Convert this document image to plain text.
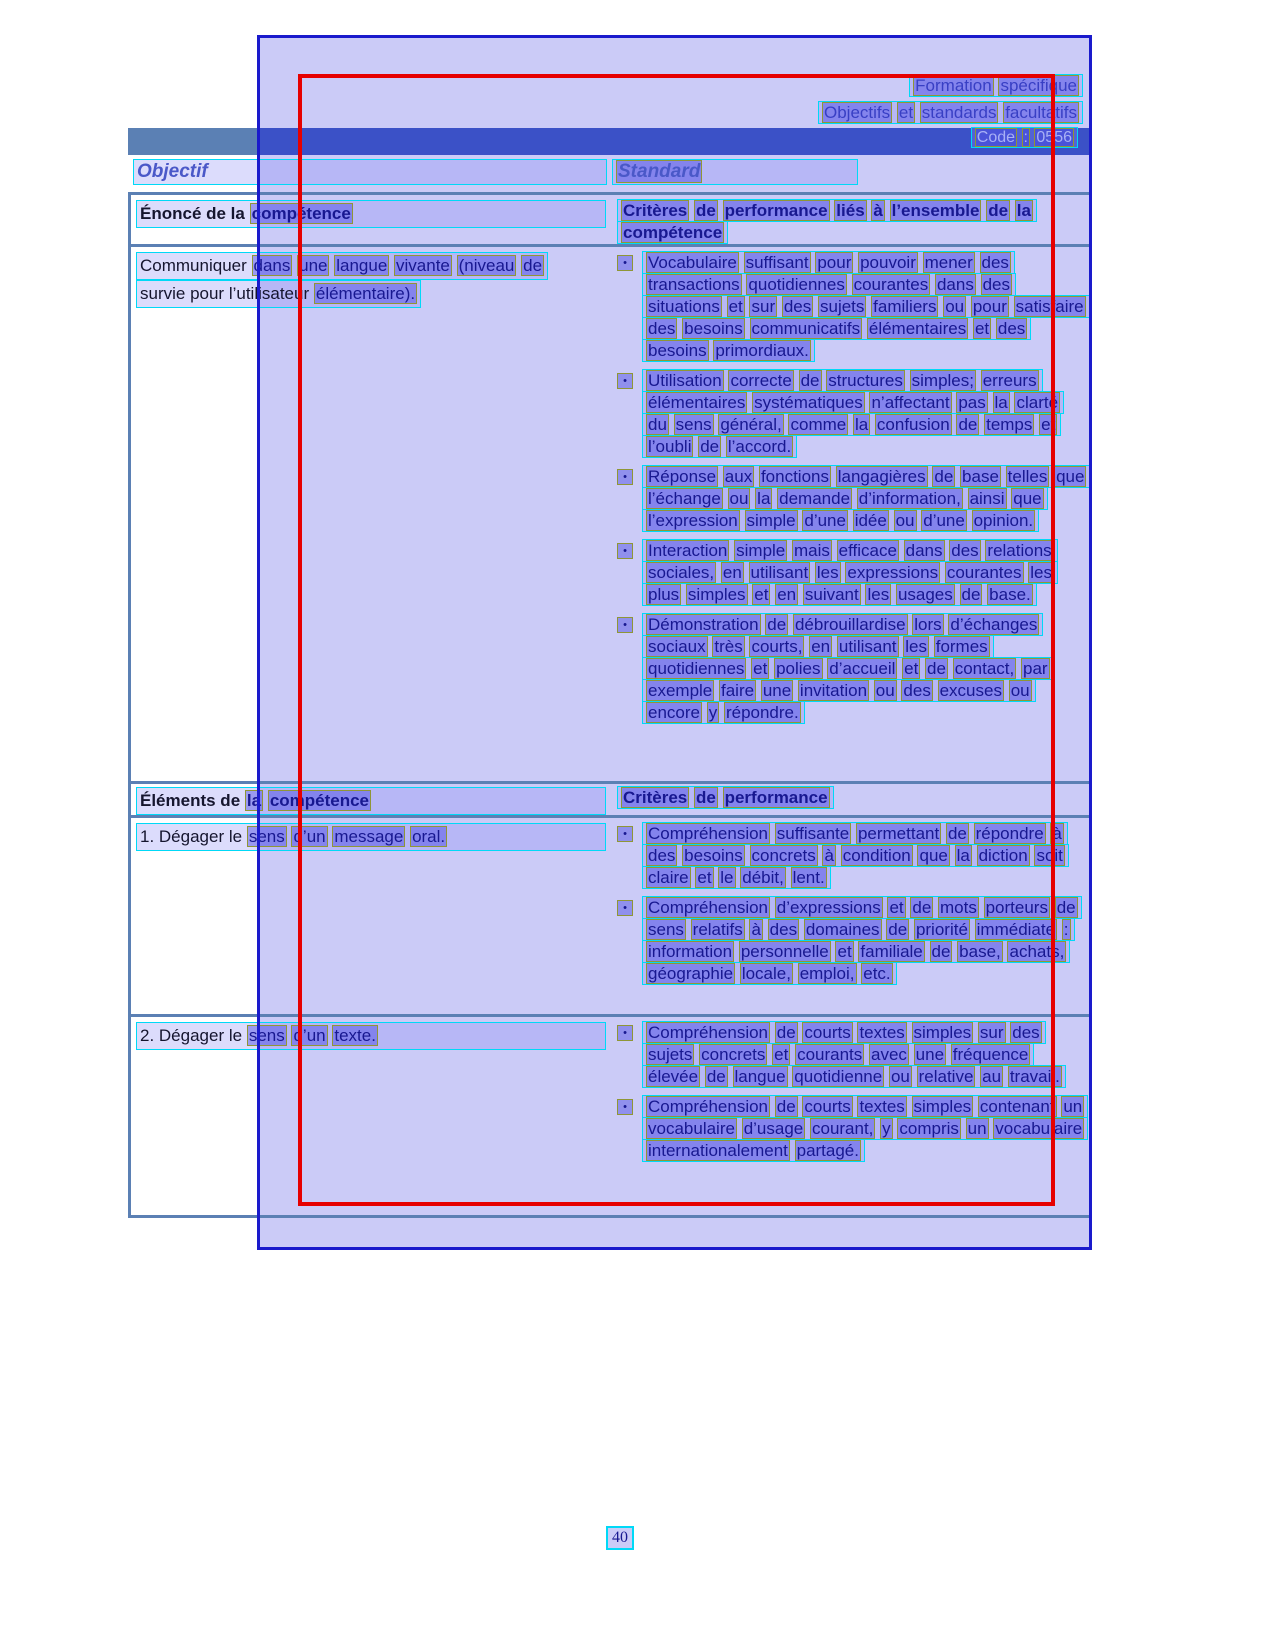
Formation spécifique
Objectifs et standards facultatifs
Code : 0556
Objectif	Standard
Énoncé de la compétence	Critères de performance liés à l’ensemble de la compétence
Communiquer dans une langue vivante (niveau de
survie pour l’utilisateur élémentaire).
•	Vocabulaire suffisant pour pouvoir mener des transactions quotidiennes courantes dans des situations et sur des sujets familiers ou pour satisfaire des besoins communicatifs élémentaires et des besoins primordiaux.
•	Utilisation correcte de structures simples; erreurs élémentaires systématiques n’affectant pas la clarté du sens général, comme la confusion de temps et l’oubli de l’accord.
•	Réponse aux fonctions langagières de base telles que l’échange ou la demande d’information, ainsi que l’expression simple d’une idée ou d’une opinion.
•	Interaction simple mais efficace dans des relations sociales, en utilisant les expressions courantes les plus simples et en suivant les usages de base.
•	Démonstration de débrouillardise lors d’échanges sociaux très courts, en utilisant les formes quotidiennes et polies d’accueil et de contact, par exemple faire une invitation ou des excuses ou encore y répondre.
Éléments de la compétence	Critères de performance
1. Dégager le sens d’un message oral.	•	Compréhension suffisante permettant de répondre à des besoins concrets à condition que la diction soit claire et le débit, lent.
•	Compréhension d’expressions et de mots porteurs de sens relatifs à des domaines de priorité immédiate : information personnelle et familiale de base, achats, géographie locale, emploi, etc.
2. Dégager le sens d’un texte.	•	Compréhension de courts textes simples sur des sujets concrets et courants avec une fréquence élevée de langue quotidienne ou relative au travail.
•	Compréhension de courts textes simples contenant un vocabulaire d’usage courant, y compris un vocabulaire internationalement partagé.
40
